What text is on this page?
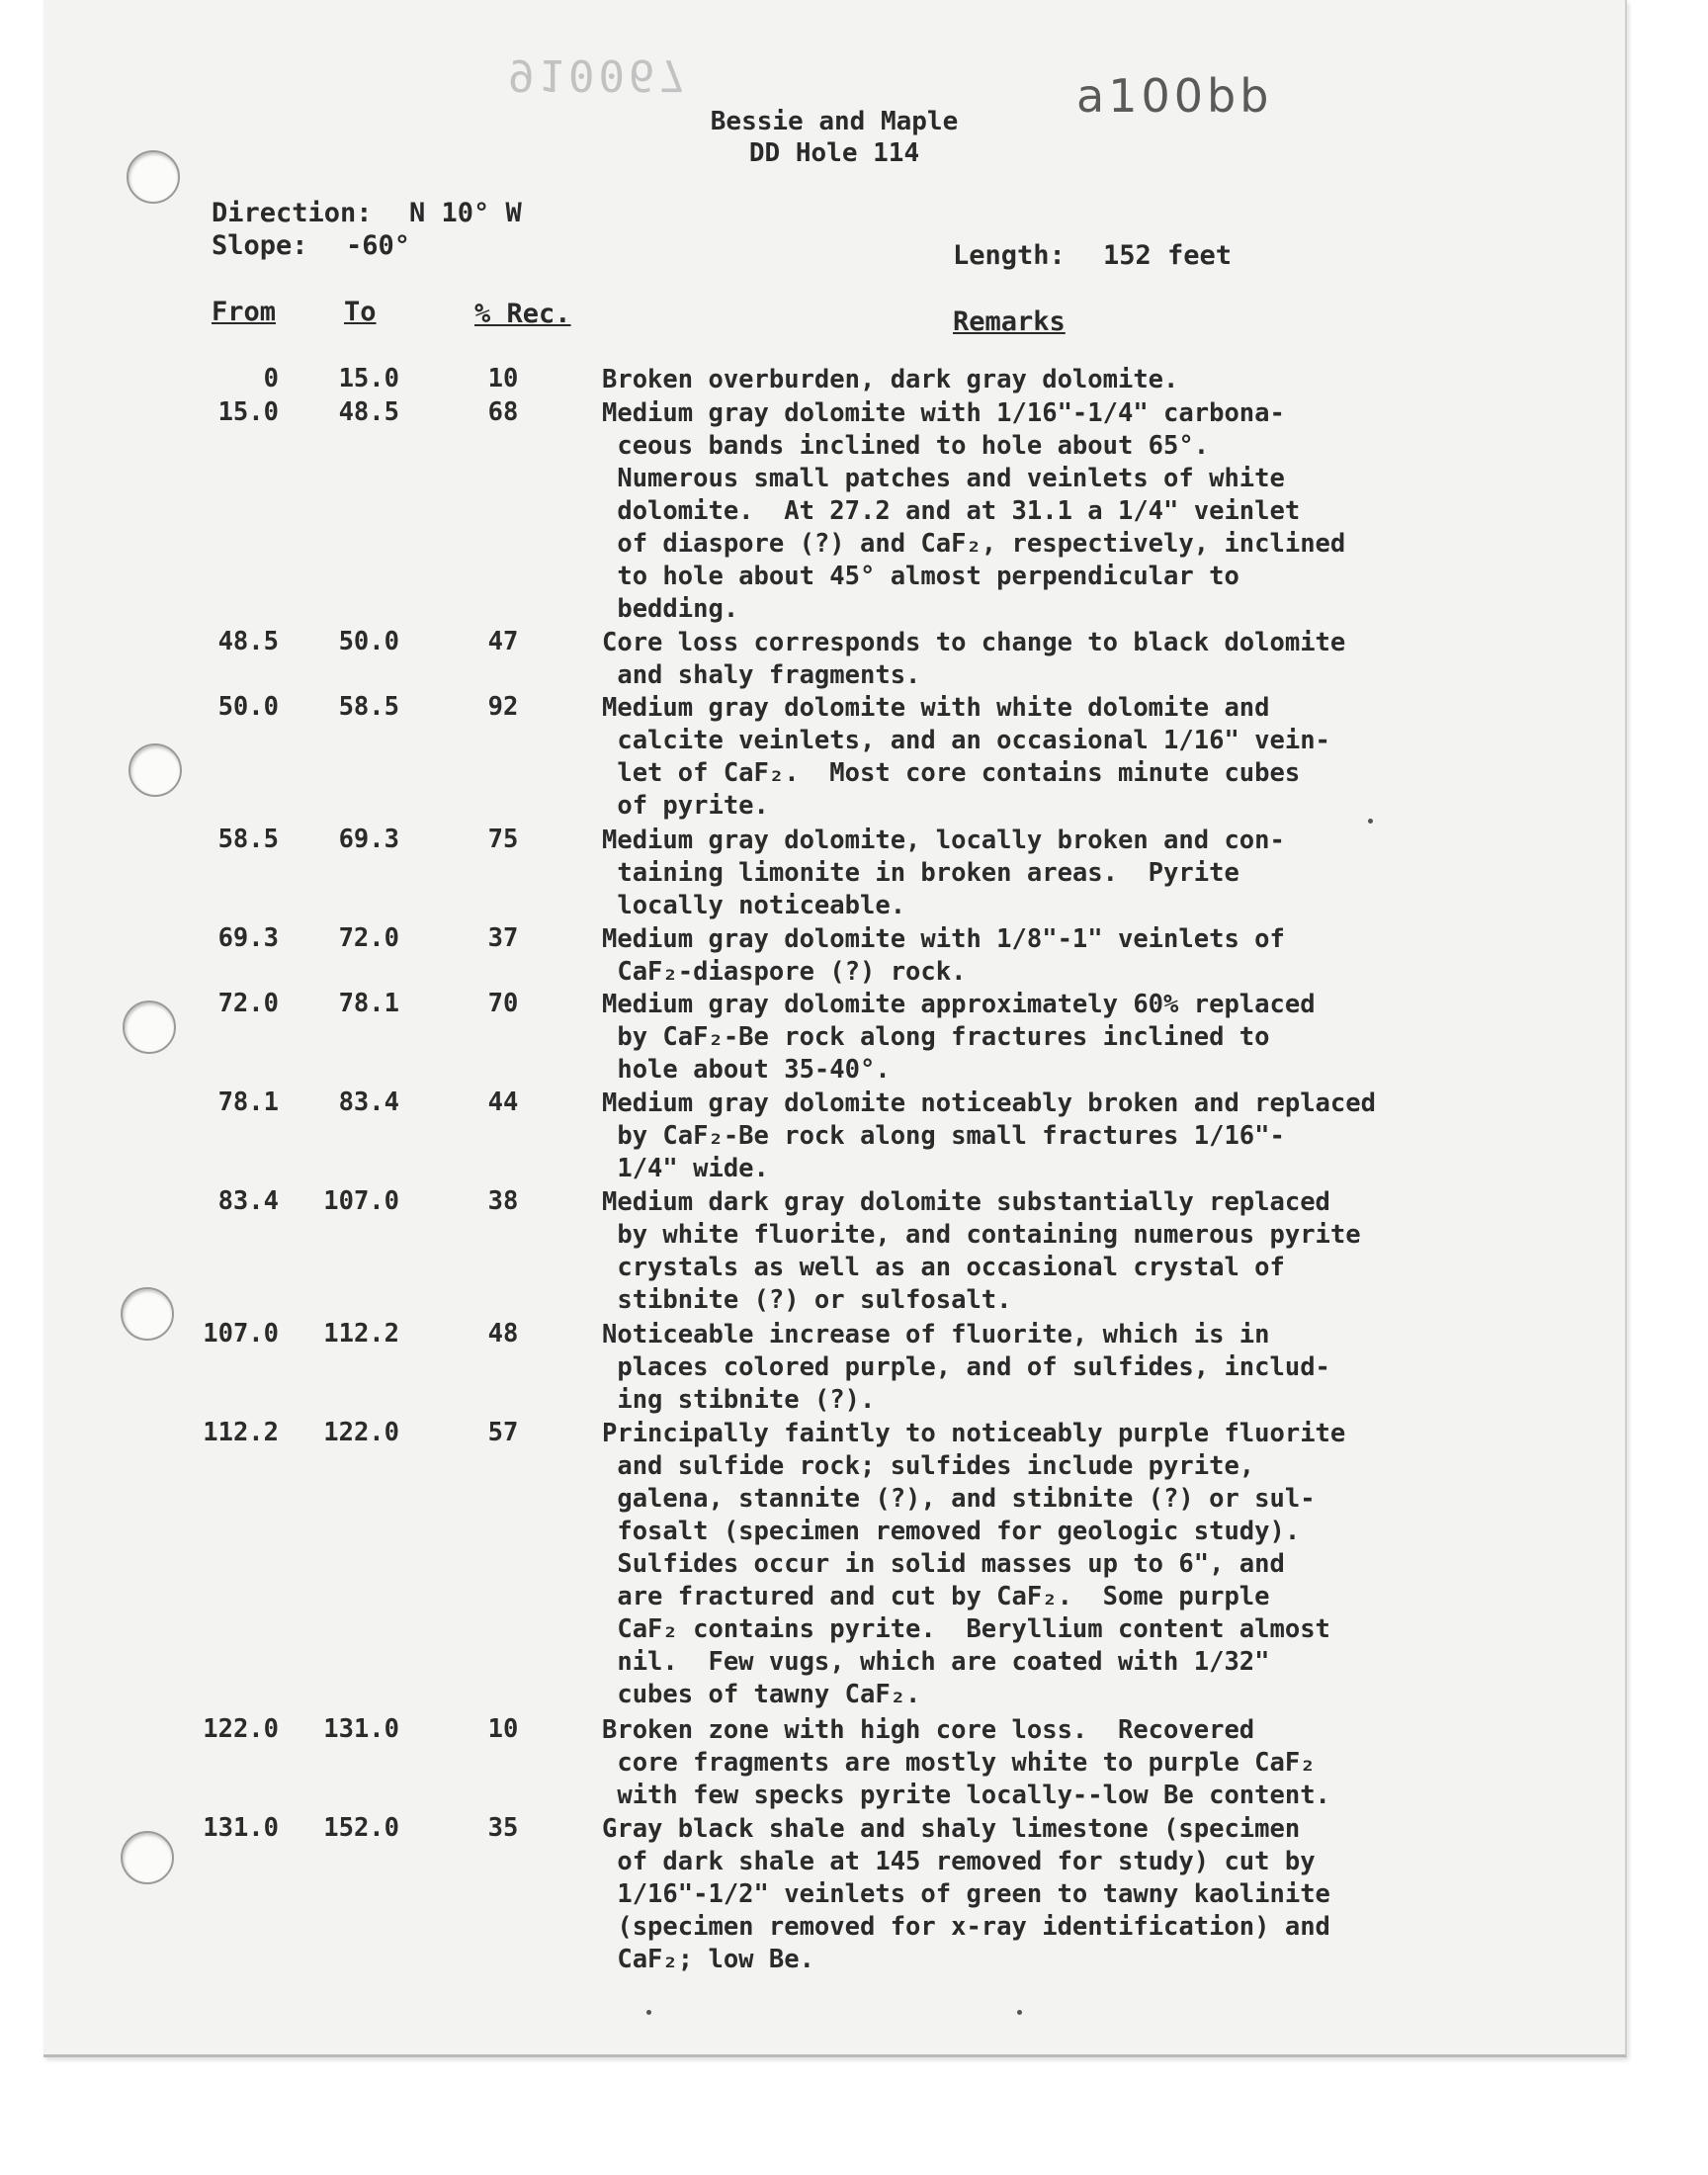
910067	a100bb
Bessie and Maple
DD Hole 114
Direction: N 10° W
Slope: -60°	Length: 152 feet
From	To	% Rec.	Remarks
0	15.0	10	Broken overburden, dark gray dolomite.
15.0	48.5	68	Medium gray dolomite with 1/16"-1/4" carbona-
ceous bands inclined to hole about 65°.
Numerous small patches and veinlets of white
dolomite.  At 27.2 and at 31.1 a 1/4" veinlet
of diaspore (?) and CaF₂, respectively, inclined
to hole about 45° almost perpendicular to
bedding.
48.5	50.0	47	Core loss corresponds to change to black dolomite
and shaly fragments.
50.0	58.5	92	Medium gray dolomite with white dolomite and
calcite veinlets, and an occasional 1/16" vein-
let of CaF₂.  Most core contains minute cubes
of pyrite.
58.5	69.3	75	Medium gray dolomite, locally broken and con-
taining limonite in broken areas.  Pyrite
locally noticeable.
69.3	72.0	37	Medium gray dolomite with 1/8"-1" veinlets of
CaF₂-diaspore (?) rock.
72.0	78.1	70	Medium gray dolomite approximately 60% replaced
by CaF₂-Be rock along fractures inclined to
hole about 35-40°.
78.1	83.4	44	Medium gray dolomite noticeably broken and replaced
by CaF₂-Be rock along small fractures 1/16"-
1/4" wide.
83.4	107.0	38	Medium dark gray dolomite substantially replaced
by white fluorite, and containing numerous pyrite
crystals as well as an occasional crystal of
stibnite (?) or sulfosalt.
107.0	112.2	48	Noticeable increase of fluorite, which is in
places colored purple, and of sulfides, includ-
ing stibnite (?).
112.2	122.0	57	Principally faintly to noticeably purple fluorite
and sulfide rock; sulfides include pyrite,
galena, stannite (?), and stibnite (?) or sul-
fosalt (specimen removed for geologic study).
Sulfides occur in solid masses up to 6", and
are fractured and cut by CaF₂.  Some purple
CaF₂ contains pyrite.  Beryllium content almost
nil.  Few vugs, which are coated with 1/32"
cubes of tawny CaF₂.
122.0	131.0	10	Broken zone with high core loss.  Recovered
core fragments are mostly white to purple CaF₂
with few specks pyrite locally--low Be content.
131.0	152.0	35	Gray black shale and shaly limestone (specimen
of dark shale at 145 removed for study) cut by
1/16"-1/2" veinlets of green to tawny kaolinite
(specimen removed for x-ray identification) and
CaF₂; low Be.
